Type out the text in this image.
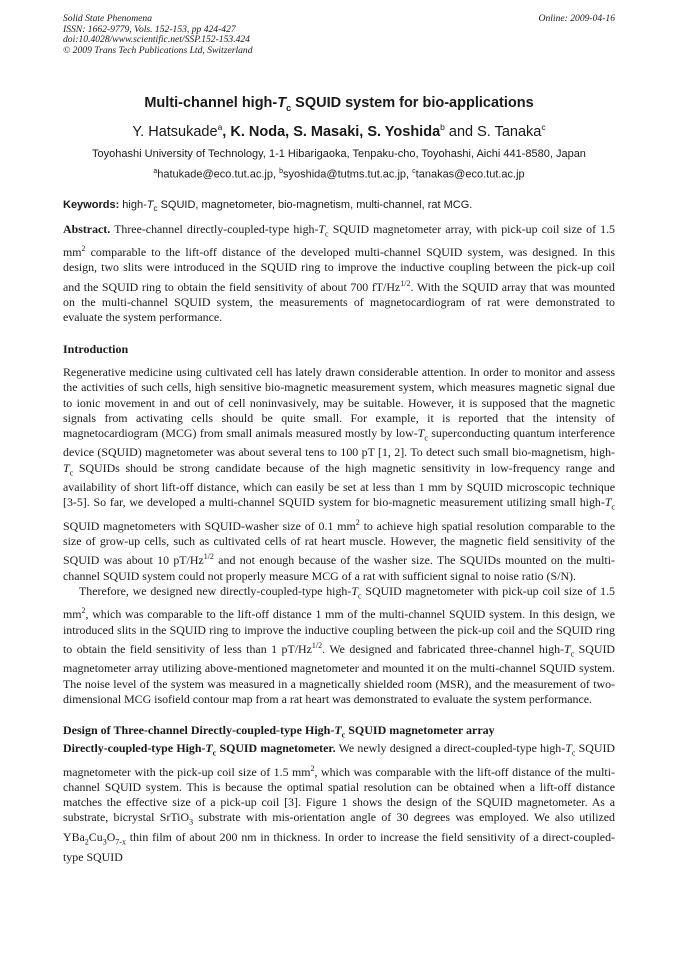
Solid State Phenomena
ISSN: 1662-9779, Vols. 152-153, pp 424-427
doi:10.4028/www.scientific.net/SSP.152-153.424
© 2009 Trans Tech Publications Ltd, Switzerland
Online: 2009-04-16
Multi-channel high-$T_c$ SQUID system for bio-applications
Y. Hatsukade$^a$, K. Noda, S. Masaki, S. Yoshida$^b$ and S. Tanaka$^c$
Toyohashi University of Technology, 1-1 Hibarigaoka, Tenpaku-cho, Toyohashi, Aichi 441-8580, Japan
$^a$hatukade@eco.tut.ac.jp, $^b$syoshida@tutms.tut.ac.jp, $^c$tanakas@eco.tut.ac.jp
Keywords: high-$T_c$ SQUID, magnetometer, bio-magnetism, multi-channel, rat MCG.
Abstract. Three-channel directly-coupled-type high-$T_c$ SQUID magnetometer array, with pick-up coil size of 1.5 $mm^2$ comparable to the lift-off distance of the developed multi-channel SQUID system, was designed. In this design, two slits were introduced in the SQUID ring to improve the inductive coupling between the pick-up coil and the SQUID ring to obtain the field sensitivity of about 700 $fT/Hz^{1/2}$. With the SQUID array that was mounted on the multi-channel SQUID system, the measurements of magnetocardiogram of rat were demonstrated to evaluate the system performance.
Introduction
Regenerative medicine using cultivated cell has lately drawn considerable attention. In order to monitor and assess the activities of such cells, high sensitive bio-magnetic measurement system, which measures magnetic signal due to ionic movement in and out of cell noninvasively, may be suitable. However, it is supposed that the magnetic signals from activating cells should be quite small. For example, it is reported that the intensity of magnetocardiogram (MCG) from small animals measured mostly by low-$T_c$ superconducting quantum interference device (SQUID) magnetometer was about several tens to 100 pT [1, 2]. To detect such small bio-magnetism, high-$T_c$ SQUIDs should be strong candidate because of the high magnetic sensitivity in low-frequency range and availability of short lift-off distance, which can easily be set at less than 1 mm by SQUID microscopic technique [3-5]. So far, we developed a multi-channel SQUID system for bio-magnetic measurement utilizing small high-$T_c$ SQUID magnetometers with SQUID-washer size of 0.1 $mm^2$ to achieve high spatial resolution comparable to the size of grow-up cells, such as cultivated cells of rat heart muscle. However, the magnetic field sensitivity of the SQUID was about 10 $pT/Hz^{1/2}$ and not enough because of the washer size. The SQUIDs mounted on the multi-channel SQUID system could not properly measure MCG of a rat with sufficient signal to noise ratio (S/N).
Therefore, we designed new directly-coupled-type high-$T_c$ SQUID magnetometer with pick-up coil size of 1.5 $mm^2$, which was comparable to the lift-off distance 1 mm of the multi-channel SQUID system. In this design, we introduced slits in the SQUID ring to improve the inductive coupling between the pick-up coil and the SQUID ring to obtain the field sensitivity of less than 1 $pT/Hz^{1/2}$. We designed and fabricated three-channel high-$T_c$ SQUID magnetometer array utilizing above-mentioned magnetometer and mounted it on the multi-channel SQUID system. The noise level of the system was measured in a magnetically shielded room (MSR), and the measurement of two-dimensional MCG isofield contour map from a rat heart was demonstrated to evaluate the system performance.
Design of Three-channel Directly-coupled-type High-$T_c$ SQUID magnetometer array
Directly-coupled-type High-$T_c$ SQUID magnetometer. We newly designed a direct-coupled-type high-$T_c$ SQUID magnetometer with the pick-up coil size of 1.5 $mm^2$, which was comparable with the lift-off distance of the multi-channel SQUID system. This is because the optimal spatial resolution can be obtained when a lift-off distance matches the effective size of a pick-up coil [3]. Figure 1 shows the design of the SQUID magnetometer. As a substrate, bicrystal SrTiO$_3$ substrate with mis-orientation angle of 30 degrees was employed. We also utilized $YBa_2Cu_3O_{7-x}$ thin film of about 200 nm in thickness. In order to increase the field sensitivity of a direct-coupled-type SQUID
